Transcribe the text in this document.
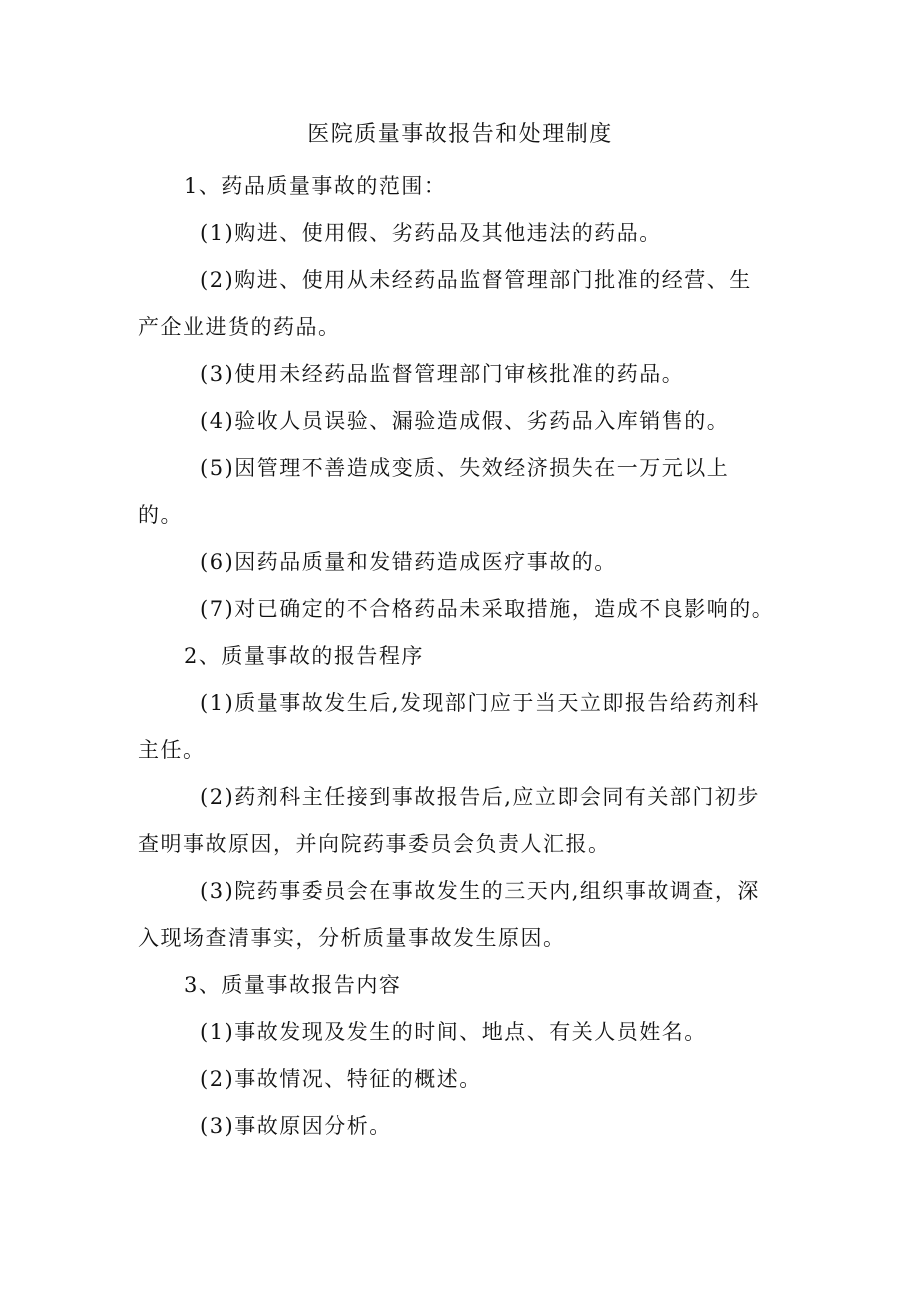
医院质量事故报告和处理制度

1、药品质量事故的范围：

(1)购进、使用假、劣药品及其他违法的药品。

(2)购进、使用从未经药品监督管理部门批准的经营、生
产企业进货的药品。

(3)使用未经药品监督管理部门审核批准的药品。

(4)验收人员误验、漏验造成假、劣药品入库销售的。

(5)因管理不善造成变质、失效经济损失在一万元以上
的。

(6)因药品质量和发错药造成医疗事故的。

(7)对已确定的不合格药品未采取措施，造成不良影响的。

2、质量事故的报告程序

(1)质量事故发生后,发现部门应于当天立即报告给药剂科
主任。

(2)药剂科主任接到事故报告后,应立即会同有关部门初步
查明事故原因，并向院药事委员会负责人汇报。

(3)院药事委员会在事故发生的三天内,组织事故调查，深
入现场查清事实，分析质量事故发生原因。

3、质量事故报告内容

(1)事故发现及发生的时间、地点、有关人员姓名。

(2)事故情况、特征的概述。

(3)事故原因分析。
